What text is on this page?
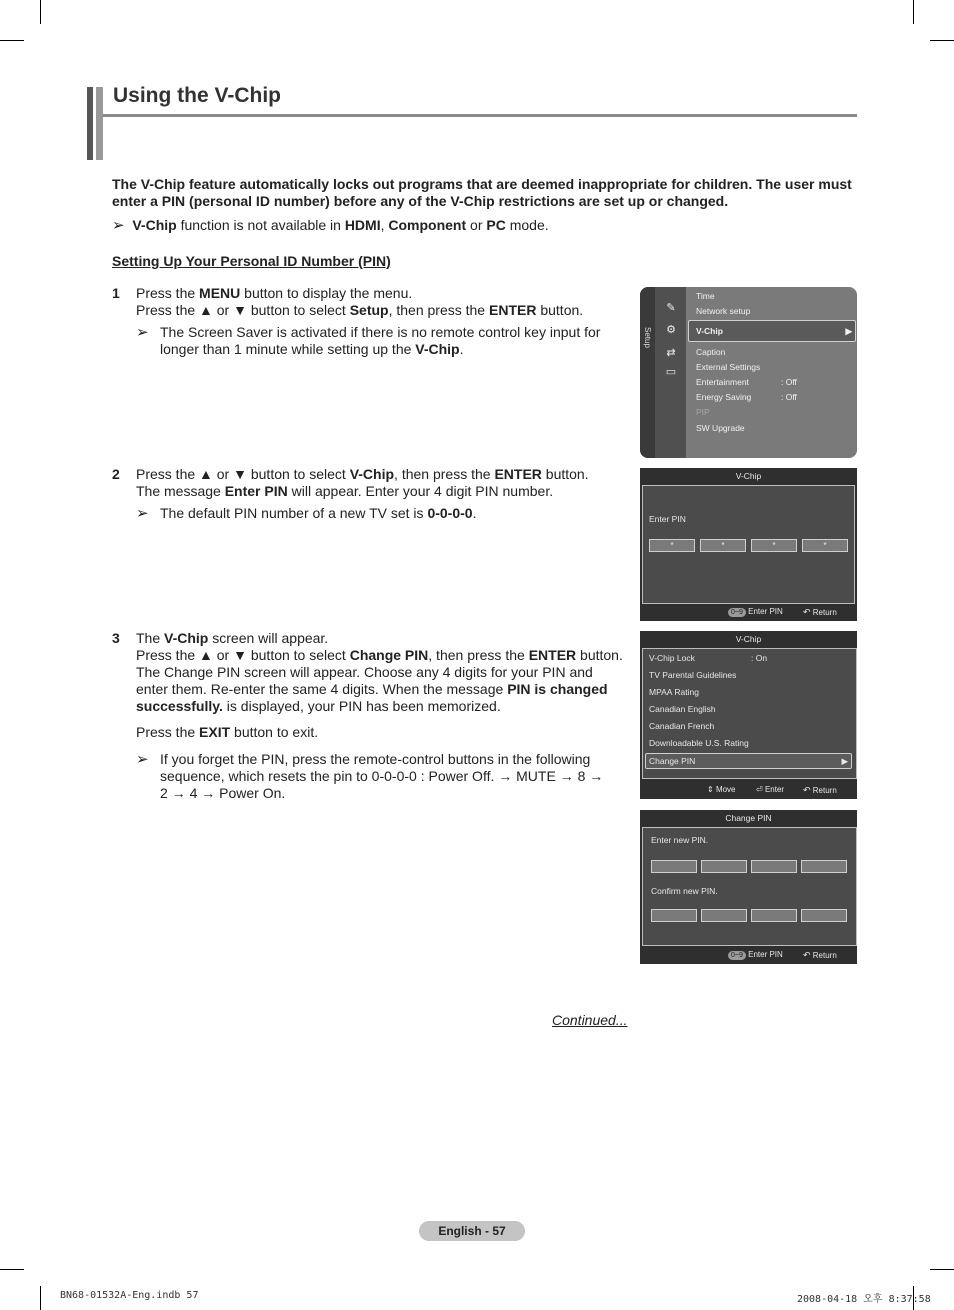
Using the V-Chip
The V-Chip feature automatically locks out programs that are deemed inappropriate for children. The user must enter a PIN (personal ID number) before any of the V-Chip restrictions are set up or changed.
➢ V-Chip function is not available in HDMI, Component or PC mode.
Setting Up Your Personal ID Number (PIN)
1 Press the MENU button to display the menu.
Press the ▲ or ▼ button to select Setup, then press the ENTER button.
➢ The Screen Saver is activated if there is no remote control key input for longer than 1 minute while setting up the V-Chip.
2 Press the ▲ or ▼ button to select V-Chip, then press the ENTER button.
The message Enter PIN will appear. Enter your 4 digit PIN number.
➢ The default PIN number of a new TV set is 0-0-0-0.
3 The V-Chip screen will appear.
Press the ▲ or ▼ button to select Change PIN, then press the ENTER button.
The Change PIN screen will appear. Choose any 4 digits for your PIN and enter them. Re-enter the same 4 digits. When the message PIN is changed successfully. is displayed, your PIN has been memorized.
Press the EXIT button to exit.
➢ If you forget the PIN, press the remote-control buttons in the following sequence, which resets the pin to 0-0-0-0 : Power Off. → MUTE → 8 → 2 → 4 → Power On.
Continued...
Setup
✎
⚙
⇄
▭
Time
Network setup
V-Chip	▶
Caption
External Settings
Entertainment	: Off
Energy Saving	: Off
PIP
SW Upgrade
V-Chip
Enter PIN
*	*	*	*
0~9 Enter PIN ↶ Return
V-Chip
V-Chip Lock	: On
TV Parental Guidelines
MPAA Rating
Canadian English
Canadian French
Downloadable U.S. Rating
Change PIN	▶
⇕ Move	⏎ Enter ↶ Return
Change PIN
Enter new PIN.
Confirm new PIN.
0~9 Enter PIN ↶ Return
English - 57
BN68-01532A-Eng.indb 57	2008-04-18 오후 8:37:58
